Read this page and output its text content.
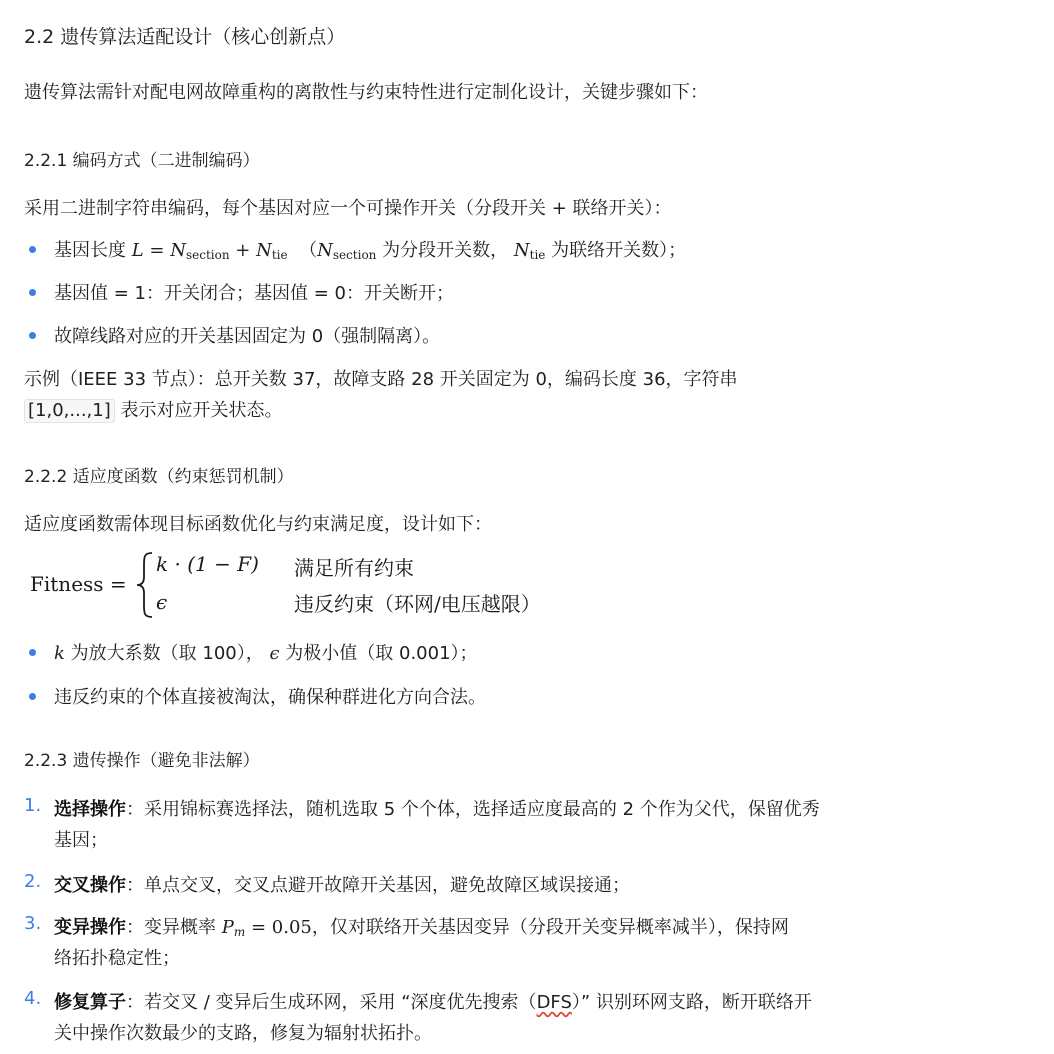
2.2 遗传算法适配设计（核心创新点）
遗传算法需针对配电网故障重构的离散性与约束特性进行定制化设计，关键步骤如下：
2.2.1 编码方式（二进制编码）
采用二进制字符串编码，每个基因对应一个可操作开关（分段开关 + 联络开关）：
基因长度 $L = N_{section} + N_{tie}$ （$N_{section}$ 为分段开关数， $N_{tie}$ 为联络开关数）；
基因值 = 1：开关闭合；基因值 = 0：开关断开；
故障线路对应的开关基因固定为 0（强制隔离）。
示例（IEEE 33 节点）：总开关数 37，故障支路 28 开关固定为 0，编码长度 36，字符串
[1,0,...,1] 表示对应开关状态。
2.2.2 适应度函数（约束惩罚机制）
适应度函数需体现目标函数优化与约束满足度，设计如下：
Fitness =
k · (1 − F) 满足所有约束
ϵ	违反约束（环网/电压越限）
k 为放大系数（取 100）， ϵ 为极小值（取 0.001）；
违反约束的个体直接被淘汰，确保种群进化方向合法。
2.2.3 遗传操作（避免非法解）
1. 选择操作：采用锦标赛选择法，随机选取 5 个个体，选择适应度最高的 2 个作为父代，保留优秀
基因；
2. 交叉操作：单点交叉，交叉点避开故障开关基因，避免故障区域误接通；
3. 变异操作：变异概率 $P_m = 0.05$，仅对联络开关基因变异（分段开关变异概率减半），保持网
络拓扑稳定性；
4. 修复算子：若交叉 / 变异后生成环网，采用 “深度优先搜索（DFS）” 识别环网支路，断开联络开
关中操作次数最少的支路，修复为辐射状拓扑。
